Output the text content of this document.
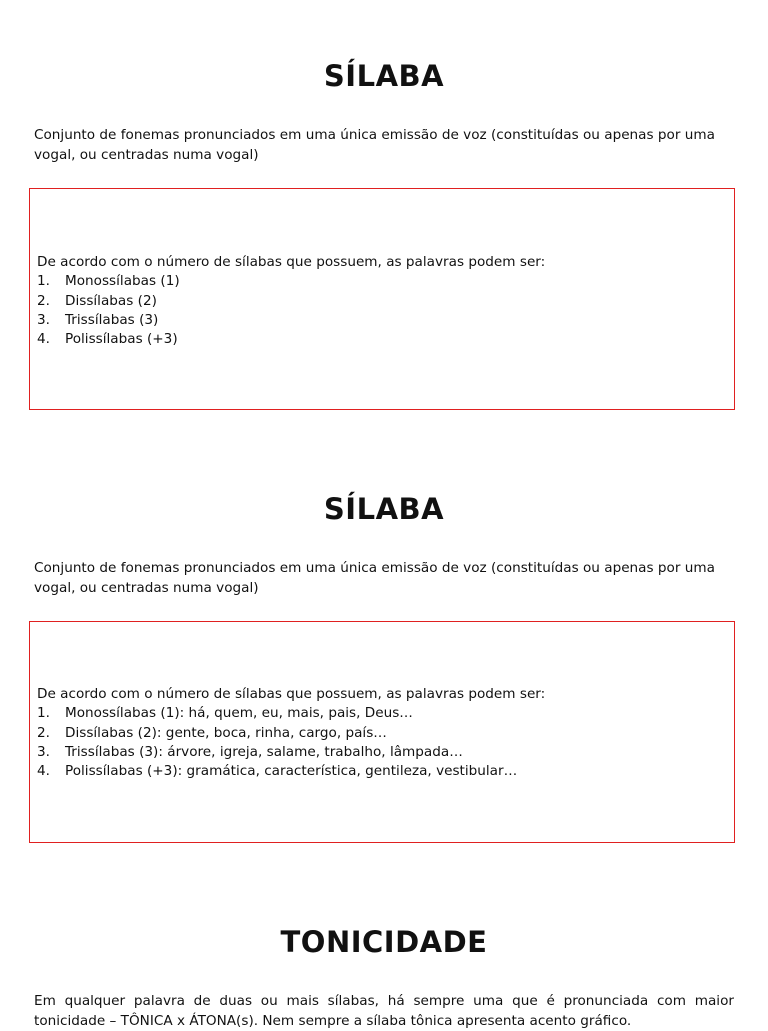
SÍLABA

Conjunto de fonemas pronunciados em uma única emissão de voz (constituídas ou apenas por uma vogal, ou centradas numa vogal)

De acordo com o número de sílabas que possuem, as palavras podem ser:
1.	Monossílabas (1)
2.	Dissílabas (2)
3.	Trissílabas (3)
4.	Polissílabas (+3)
SÍLABA

Conjunto de fonemas pronunciados em uma única emissão de voz (constituídas ou apenas por uma vogal, ou centradas numa vogal)

De acordo com o número de sílabas que possuem, as palavras podem ser:
1.	Monossílabas (1): há, quem, eu, mais, pais, Deus…
2.	Dissílabas (2): gente, boca, rinha, cargo, país…
3.	Trissílabas (3): árvore, igreja, salame, trabalho, lâmpada…
4.	Polissílabas (+3): gramática, característica, gentileza, vestibular…
TONICIDADE

Em qualquer palavra de duas ou mais sílabas, há sempre uma que é pronunciada com maior tonicidade – TÔNICA x ÁTONA(s). Nem sempre a sílaba tônica apresenta acento gráfico.
